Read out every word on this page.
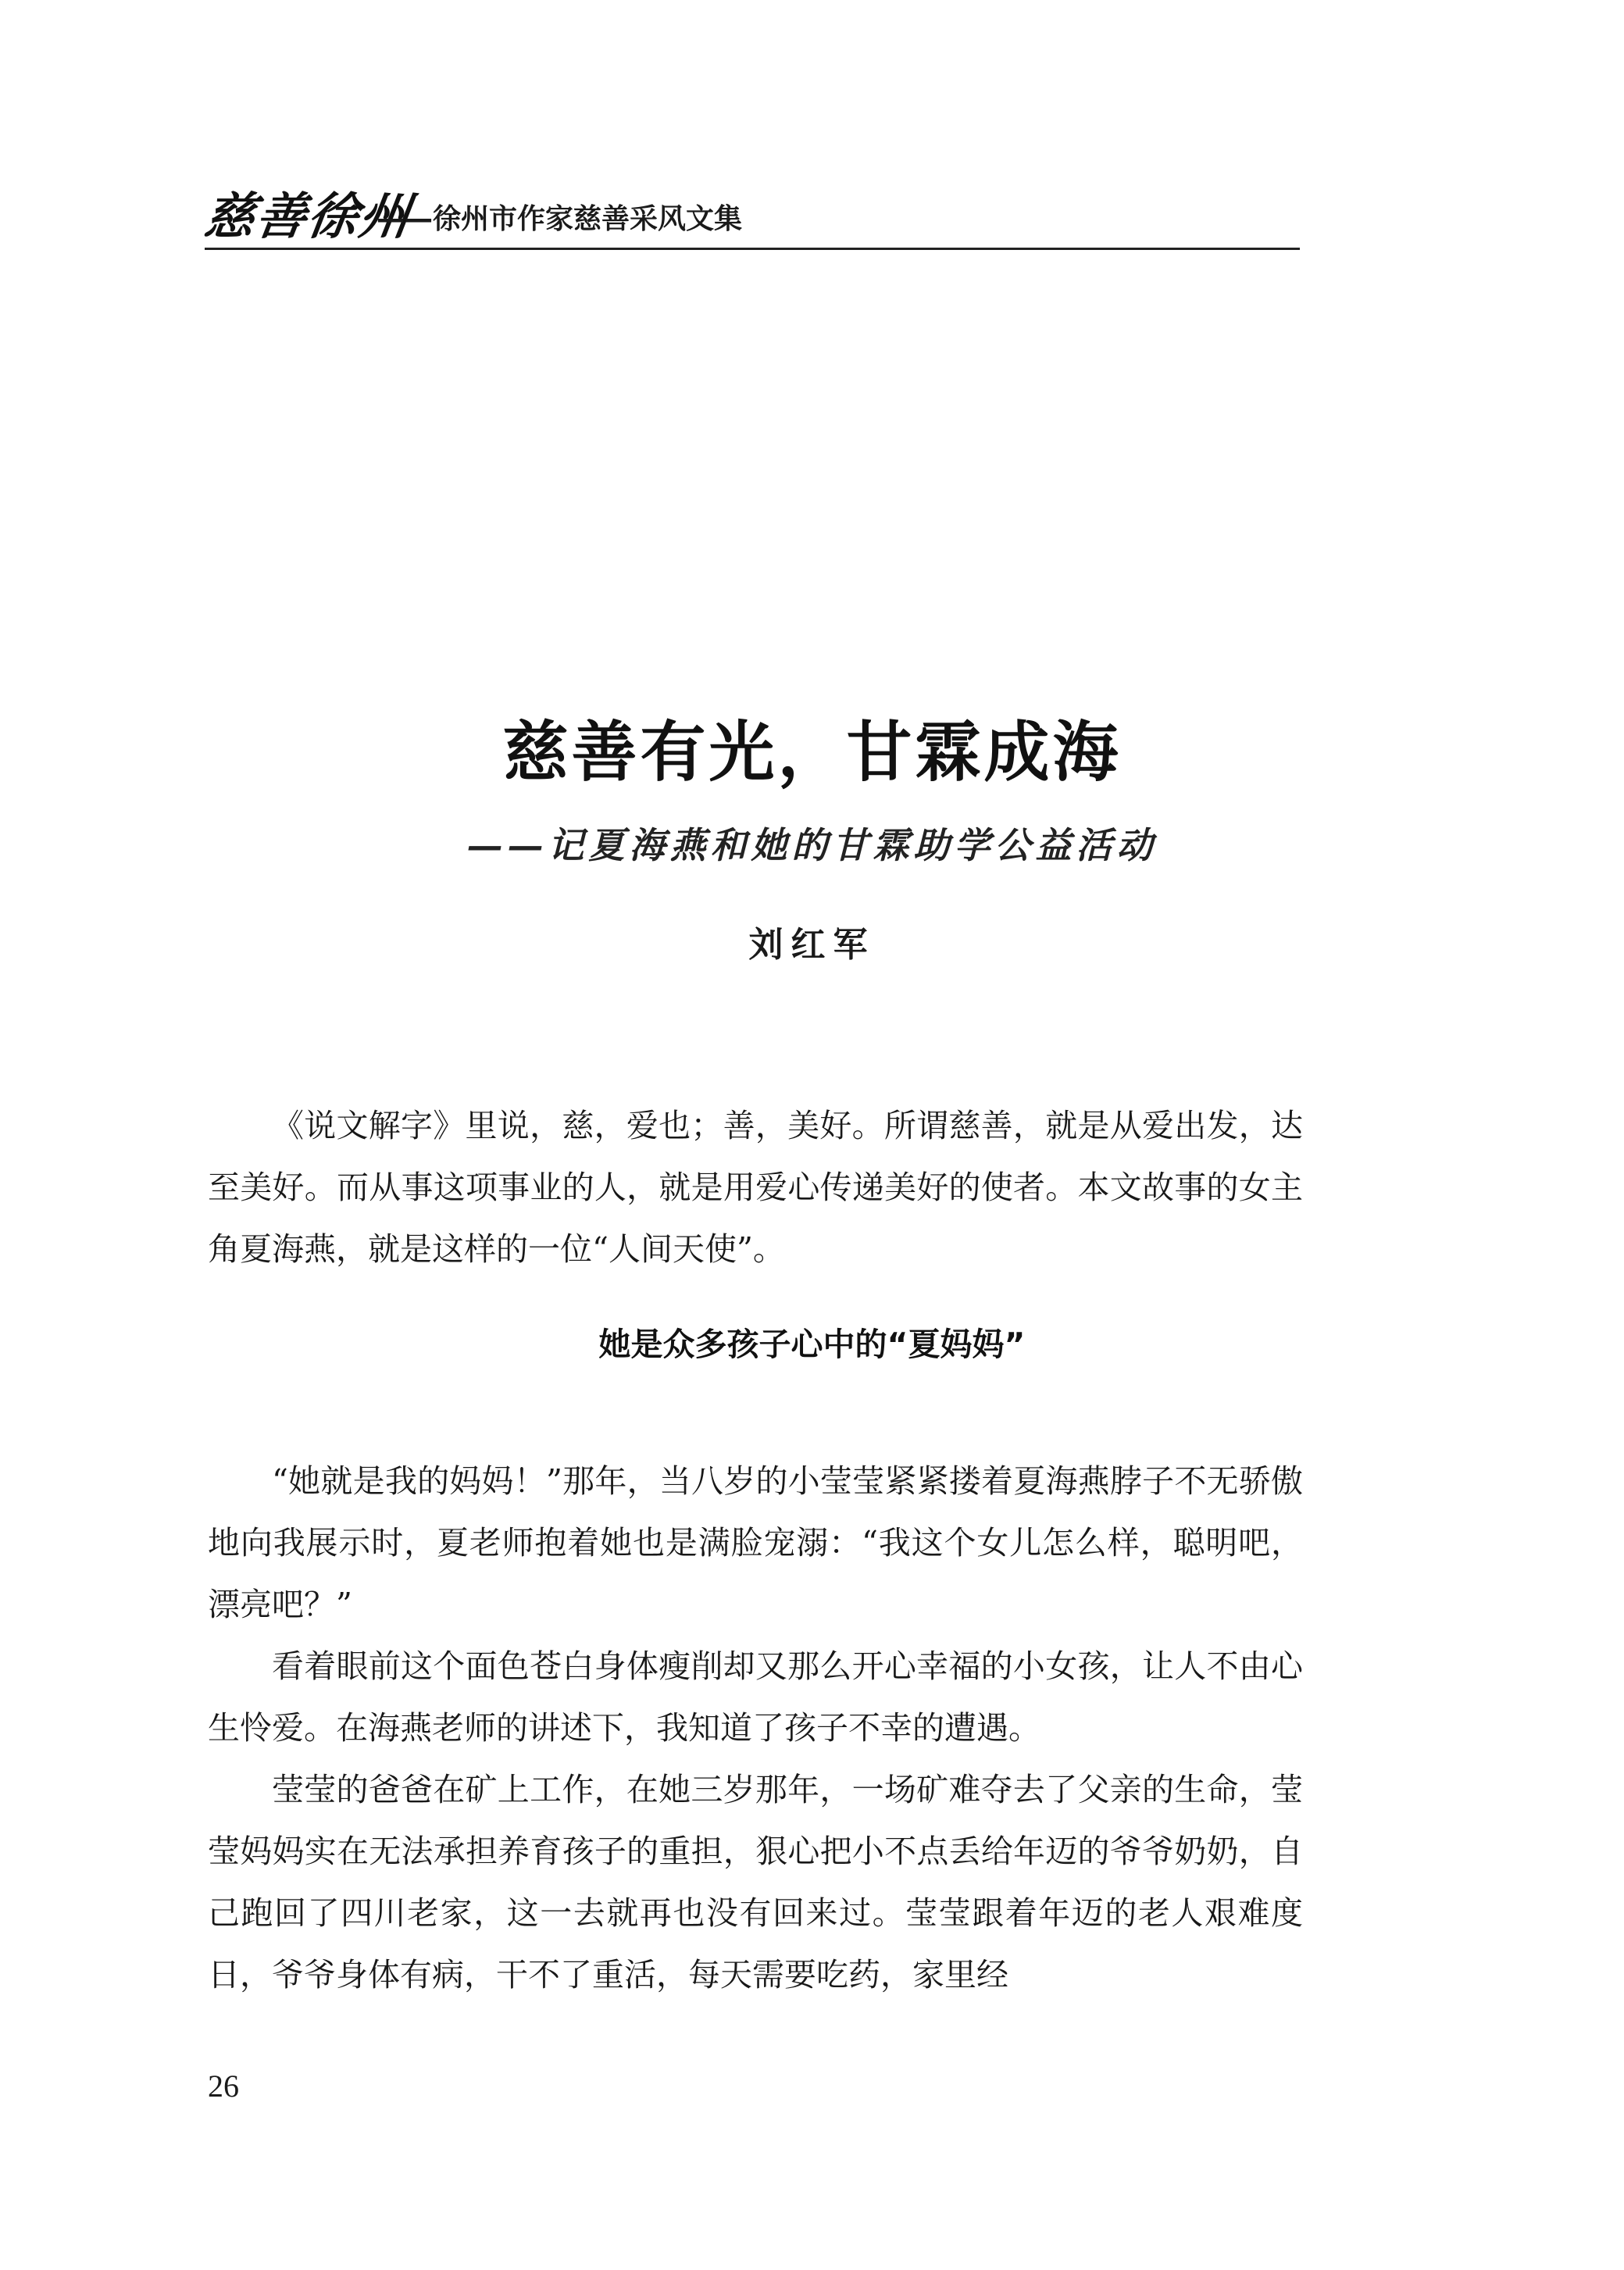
慈善徐州
——徐州市作家慈善采风文集
慈善有光，甘霖成海
——记夏海燕和她的甘霖助学公益活动
刘红军

《说文解字》里说，慈，爱也；善，美好。所谓慈善，就是从爱出发，达至美好。而从事这项事业的人，就是用爱心传递美好的使者。本文故事的女主角夏海燕，就是这样的一位“人间天使”。

她是众多孩子心中的“夏妈妈”

“她就是我的妈妈！”那年，当八岁的小莹莹紧紧搂着夏海燕脖子不无骄傲地向我展示时，夏老师抱着她也是满脸宠溺：“我这个女儿怎么样，聪明吧，漂亮吧？”

看着眼前这个面色苍白身体瘦削却又那么开心幸福的小女孩，让人不由心生怜爱。在海燕老师的讲述下，我知道了孩子不幸的遭遇。

莹莹的爸爸在矿上工作，在她三岁那年，一场矿难夺去了父亲的生命，莹莹妈妈实在无法承担养育孩子的重担，狠心把小不点丢给年迈的爷爷奶奶，自己跑回了四川老家，这一去就再也没有回来过。莹莹跟着年迈的老人艰难度日，爷爷身体有病，干不了重活，每天需要吃药，家里经

26
